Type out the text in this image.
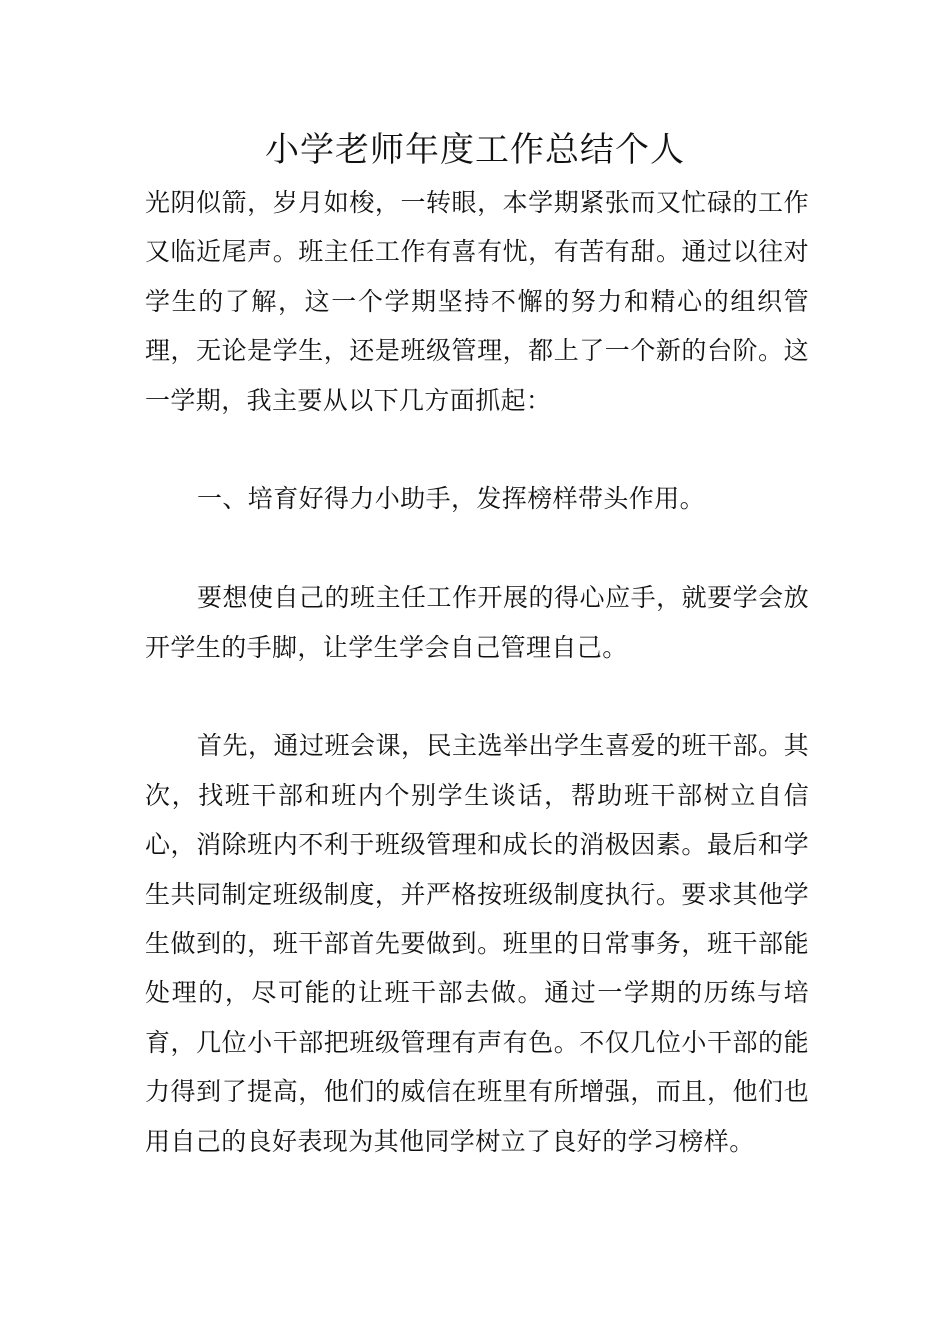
小学老师年度工作总结个人

光阴似箭，岁月如梭，一转眼，本学期紧张而又忙碌的工作又临近尾声。班主任工作有喜有忧，有苦有甜。通过以往对学生的了解，这一个学期坚持不懈的努力和精心的组织管理，无论是学生，还是班级管理，都上了一个新的台阶。这一学期，我主要从以下几方面抓起：

一、培育好得力小助手，发挥榜样带头作用。

要想使自己的班主任工作开展的得心应手，就要学会放开学生的手脚，让学生学会自己管理自己。

首先，通过班会课，民主选举出学生喜爱的班干部。其次，找班干部和班内个别学生谈话，帮助班干部树立自信心，消除班内不利于班级管理和成长的消极因素。最后和学生共同制定班级制度，并严格按班级制度执行。要求其他学生做到的，班干部首先要做到。班里的日常事务，班干部能处理的，尽可能的让班干部去做。通过一学期的历练与培育，几位小干部把班级管理有声有色。不仅几位小干部的能力得到了提高，他们的威信在班里有所增强，而且，他们也用自己的良好表现为其他同学树立了良好的学习榜样。
